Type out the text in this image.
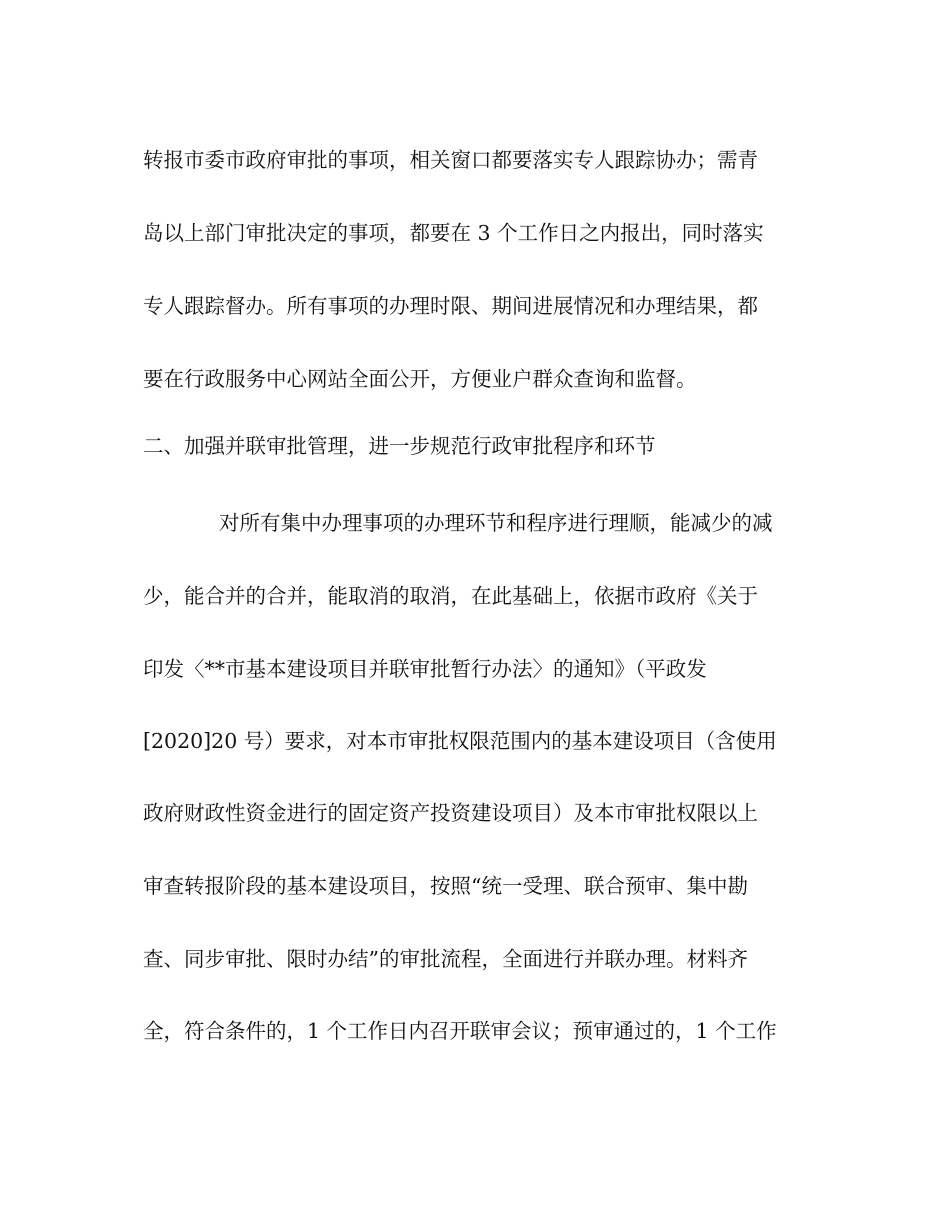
转报市委市政府审批的事项，相关窗口都要落实专人跟踪协办；需青
岛以上部门审批决定的事项，都要在 3 个工作日之内报出，同时落实
专人跟踪督办。所有事项的办理时限、期间进展情况和办理结果，都
要在行政服务中心网站全面公开，方便业户群众查询和监督。
二、加强并联审批管理，进一步规范行政审批程序和环节
对所有集中办理事项的办理环节和程序进行理顺，能减少的减
少，能合并的合并，能取消的取消，在此基础上，依据市政府《关于
印发〈**市基本建设项目并联审批暂行办法〉的通知》（平政发
[2020]20 号）要求，对本市审批权限范围内的基本建设项目（含使用
政府财政性资金进行的固定资产投资建设项目）及本市审批权限以上
审查转报阶段的基本建设项目，按照“统一受理、联合预审、集中勘
查、同步审批、限时办结”的审批流程，全面进行并联办理。材料齐
全，符合条件的，1 个工作日内召开联审会议；预审通过的，1 个工作
